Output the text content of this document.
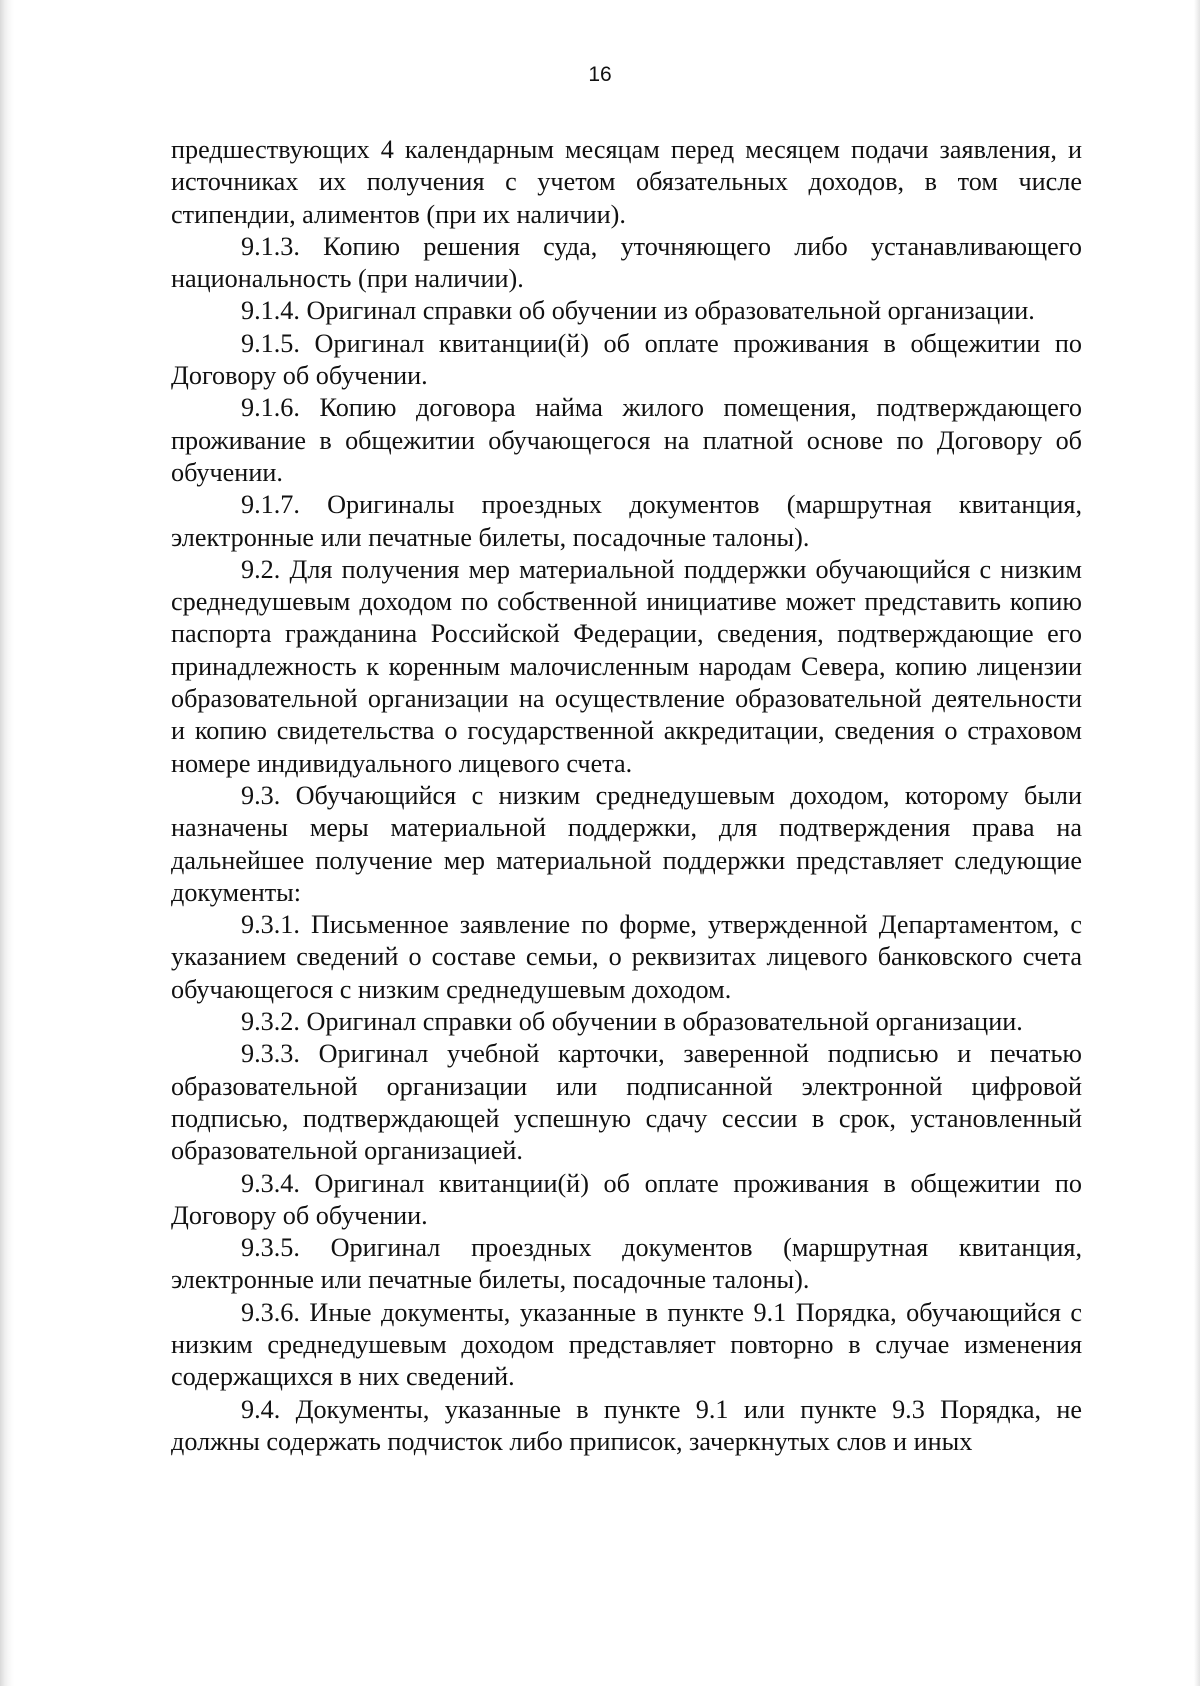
16

предшествующих 4 календарным месяцам перед месяцем подачи заявления, и источниках их получения с учетом обязательных доходов, в том числе стипендии, алиментов (при их наличии).

9.1.3. Копию решения суда, уточняющего либо устанавливающего национальность (при наличии).

9.1.4. Оригинал справки об обучении из образовательной организации.

9.1.5. Оригинал квитанции(й) об оплате проживания в общежитии по Договору об обучении.

9.1.6. Копию договора найма жилого помещения, подтверждающего проживание в общежитии обучающегося на платной основе по Договору об обучении.

9.1.7. Оригиналы проездных документов (маршрутная квитанция, электронные или печатные билеты, посадочные талоны).

9.2. Для получения мер материальной поддержки обучающийся с низким среднедушевым доходом по собственной инициативе может представить копию паспорта гражданина Российской Федерации, сведения, подтверждающие его принадлежность к коренным малочисленным народам Севера, копию лицензии образовательной организации на осуществление образовательной деятельности и копию свидетельства о государственной аккредитации, сведения о страховом номере индивидуального лицевого счета.

9.3. Обучающийся с низким среднедушевым доходом, которому были назначены меры материальной поддержки, для подтверждения права на дальнейшее получение мер материальной поддержки представляет следующие документы:

9.3.1. Письменное заявление по форме, утвержденной Департаментом, с указанием сведений о составе семьи, о реквизитах лицевого банковского счета обучающегося с низким среднедушевым доходом.

9.3.2. Оригинал справки об обучении в образовательной организации.

9.3.3. Оригинал учебной карточки, заверенной подписью и печатью образовательной организации или подписанной электронной цифровой подписью, подтверждающей успешную сдачу сессии в срок, установленный образовательной организацией.

9.3.4. Оригинал квитанции(й) об оплате проживания в общежитии по Договору об обучении.

9.3.5. Оригинал проездных документов (маршрутная квитанция, электронные или печатные билеты, посадочные талоны).

9.3.6. Иные документы, указанные в пункте 9.1 Порядка, обучающийся с низким среднедушевым доходом представляет повторно в случае изменения содержащихся в них сведений.

9.4. Документы, указанные в пункте 9.1 или пункте 9.3 Порядка, не должны содержать подчисток либо приписок, зачеркнутых слов и иных
